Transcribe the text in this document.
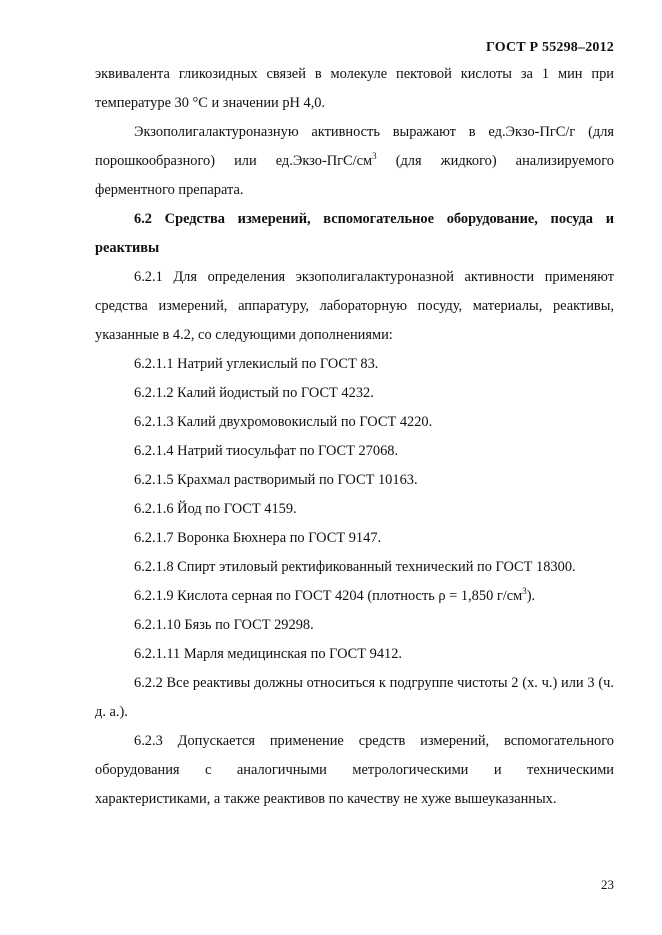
ГОСТ Р 55298–2012

эквивалента гликозидных связей в молекуле пектовой кислоты за 1 мин при температуре 30 °С и значении рН 4,0.

Экзополигалактуроназную активность выражают в ед.Экзо-ПгС/г (для порошкообразного) или $ед.Экзо-ПгС/см^3$ (для жидкого) анализируемого ферментного препарата.

6.2 Средства измерений, вспомогательное оборудование, посуда и реактивы

6.2.1 Для определения экзополигалактуроназной активности применяют средства измерений, аппаратуру, лабораторную посуду, материалы, реактивы, указанные в 4.2, со следующими дополнениями:

6.2.1.1 Натрий углекислый по ГОСТ 83.

6.2.1.2 Калий йодистый по ГОСТ 4232.

6.2.1.3 Калий двухромовокислый по ГОСТ 4220.

6.2.1.4 Натрий тиосульфат по ГОСТ 27068.

6.2.1.5 Крахмал растворимый по ГОСТ 10163.

6.2.1.6 Йод по ГОСТ 4159.

6.2.1.7 Воронка Бюхнера по ГОСТ 9147.

6.2.1.8 Спирт этиловый ректификованный технический по ГОСТ 18300.

6.2.1.9 Кислота серная по ГОСТ 4204 (плотность ρ = 1,850 $г/см^3$).

6.2.1.10 Бязь по ГОСТ 29298.

6.2.1.11 Марля медицинская по ГОСТ 9412.

6.2.2 Все реактивы должны относиться к подгруппе чистоты 2 (х. ч.) или 3 (ч. д. а.).

6.2.3 Допускается применение средств измерений, вспомогательного оборудования с аналогичными метрологическими и техническими характеристиками, а также реактивов по качеству не хуже вышеуказанных.

23
